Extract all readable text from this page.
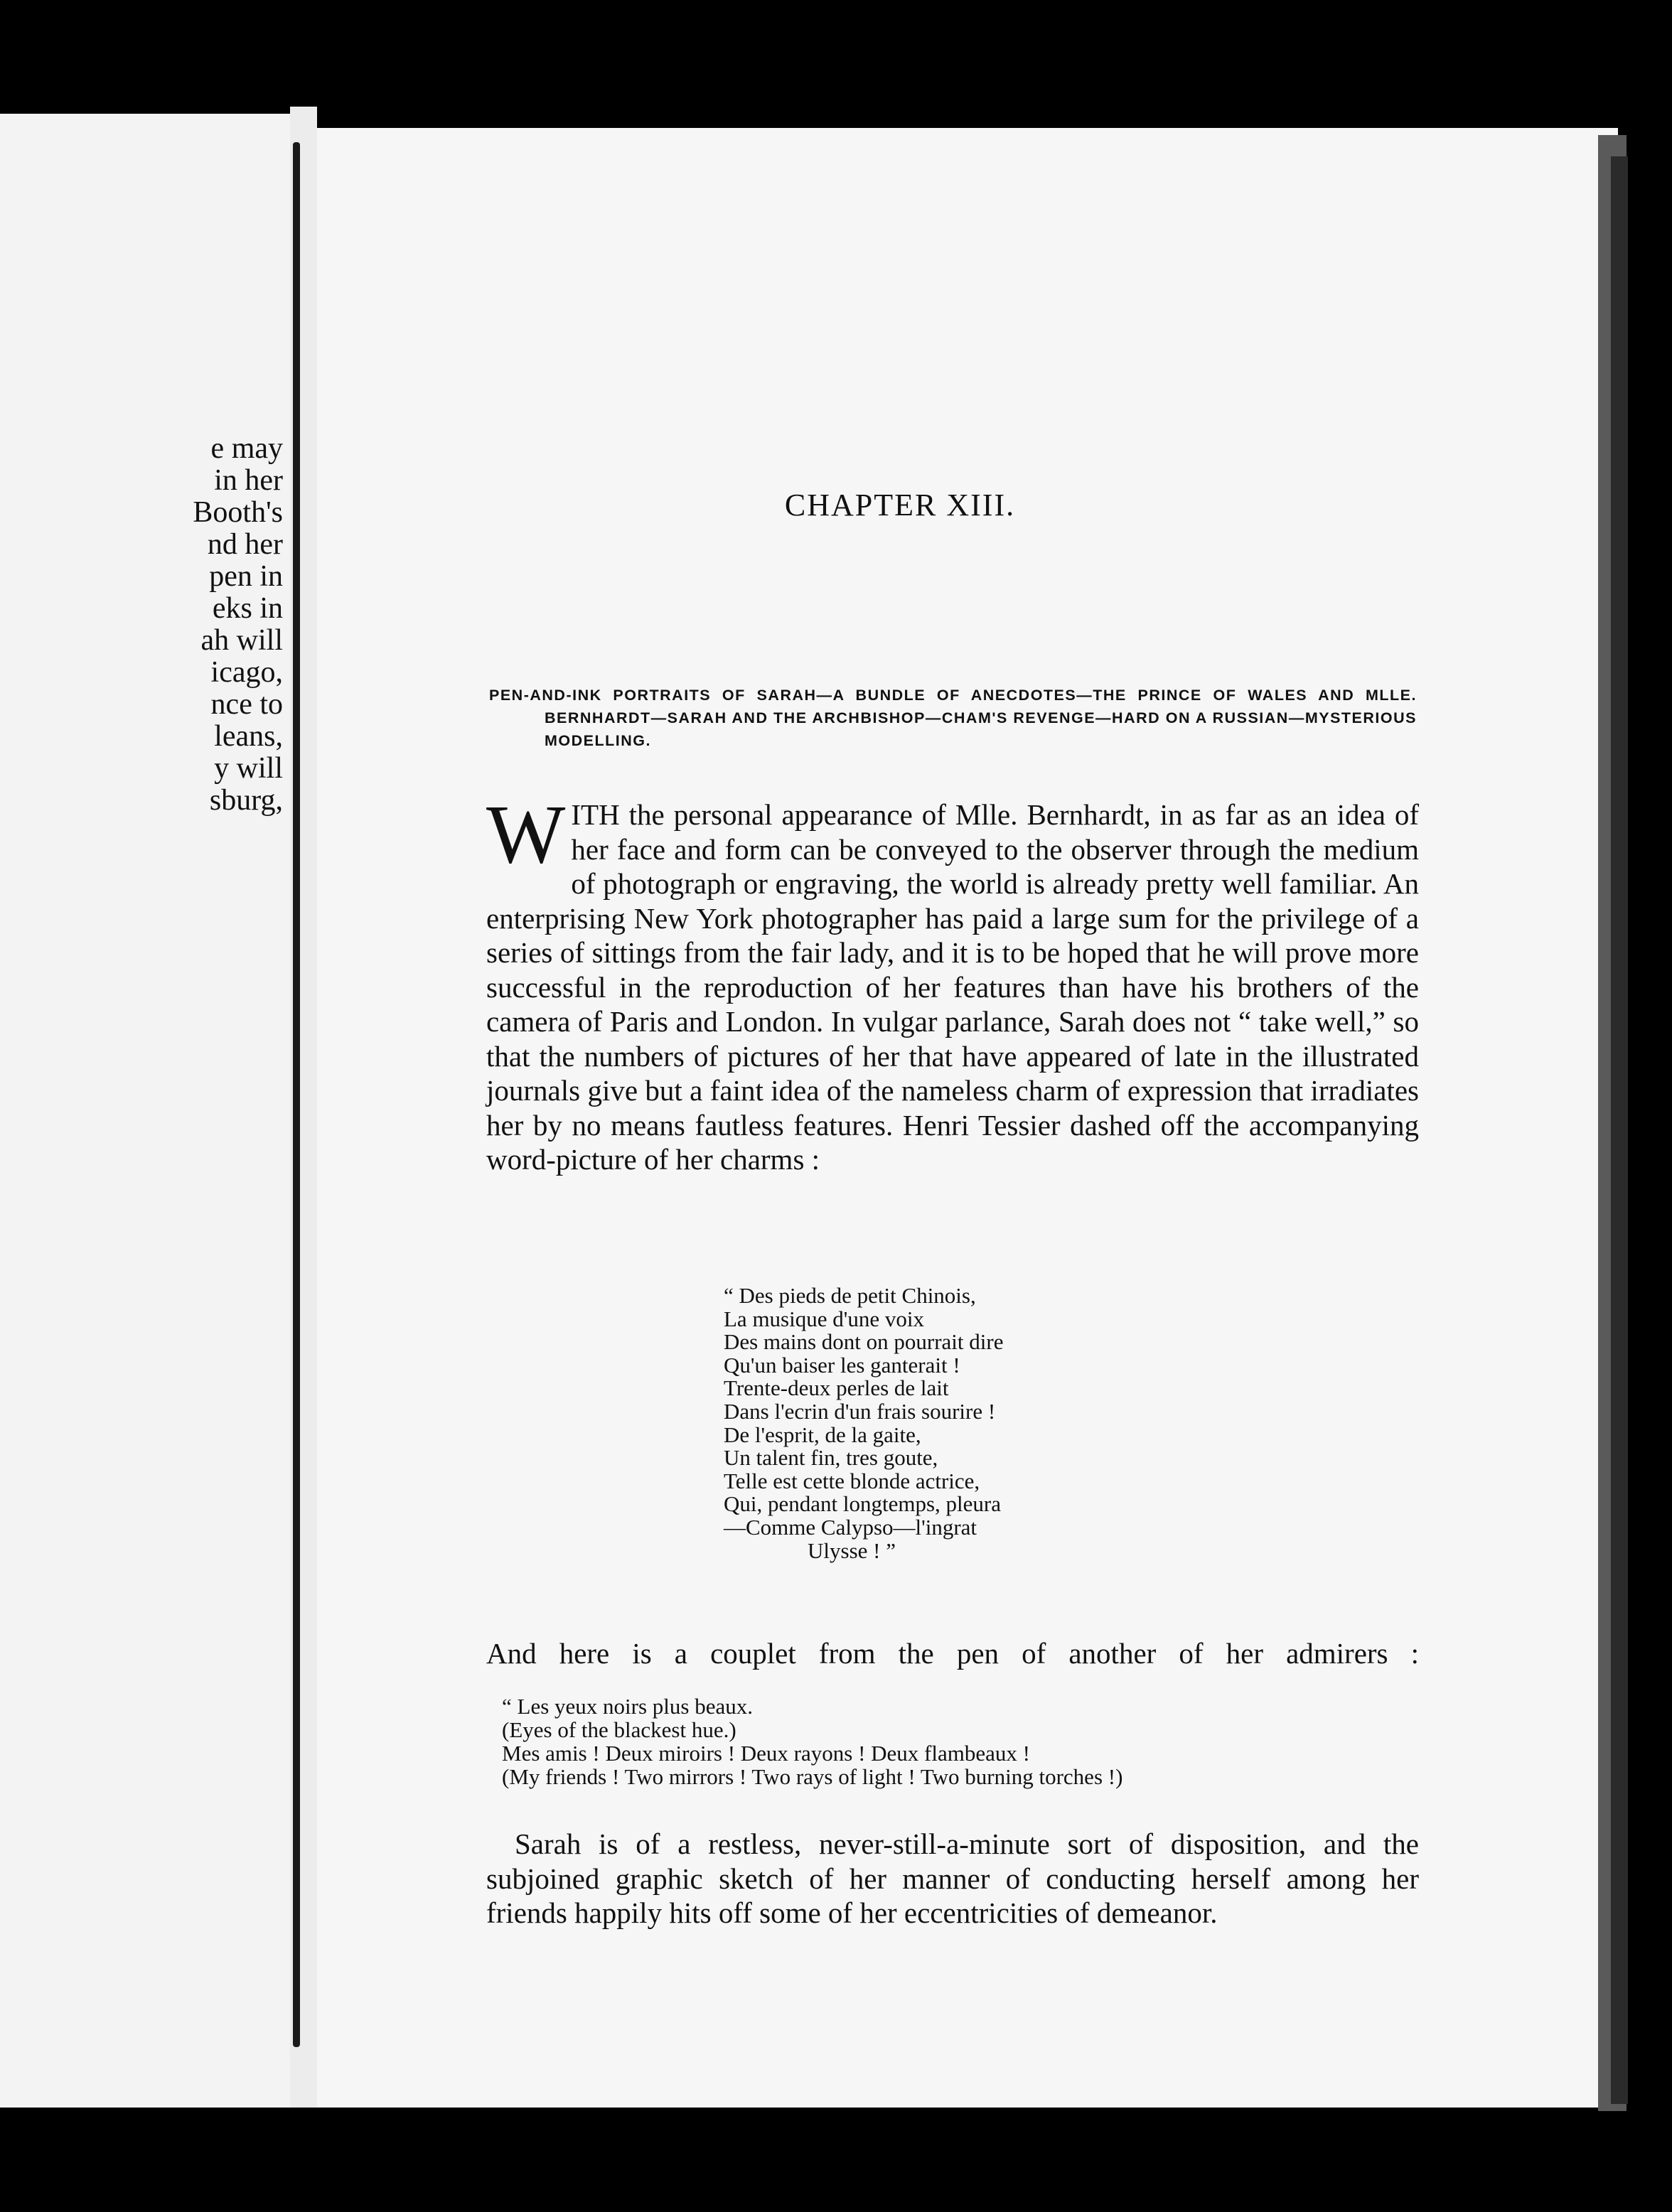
e may
in her
Booth's
nd her
pen in
eks in
ah will
icago,
nce to
leans,
y will
sburg,
CHAPTER XIII.
PEN-AND-INK PORTRAITS OF SARAH—A BUNDLE OF ANECDOTES—THE PRINCE OF WALES AND MLLE. BERNHARDT—SARAH AND THE ARCHBISHOP—CHAM'S REVENGE—HARD ON A RUSSIAN—MYSTERIOUS MODELLING.
WITH the personal appearance of Mlle. Bernhardt, in as far as an idea of her face and form can be conveyed to the observer through the medium of photograph or engraving, the world is already pretty well familiar. An enterprising New York photographer has paid a large sum for the privilege of a series of sittings from the fair lady, and it is to be hoped that he will prove more successful in the reproduction of her features than have his brothers of the camera of Paris and London. In vulgar parlance, Sarah does not “ take well,” so that the numbers of pictures of her that have appeared of late in the illustrated journals give but a faint idea of the nameless charm of expression that irradiates her by no means fautless features. Henri Tessier dashed off the accompanying word-picture of her charms :
“ Des pieds de petit Chinois,
La musique d'une voix
Des mains dont on pourrait dire
Qu'un baiser les ganterait !
Trente-deux perles de lait
Dans l'ecrin d'un frais sourire !
De l'esprit, de la gaite,
Un talent fin, tres goute,
Telle est cette blonde actrice,
Qui, pendant longtemps, pleura
—Comme Calypso—l'ingrat
Ulysse ! ”
And here is a couplet from the pen of another of her admirers :
“ Les yeux noirs plus beaux.
(Eyes of the blackest hue.)
Mes amis ! Deux miroirs ! Deux rayons ! Deux flambeaux !
(My friends ! Two mirrors ! Two rays of light ! Two burning torches !)
Sarah is of a restless, never-still-a-minute sort of disposition, and the subjoined graphic sketch of her manner of conducting herself among her friends happily hits off some of her eccentricities of demeanor.
